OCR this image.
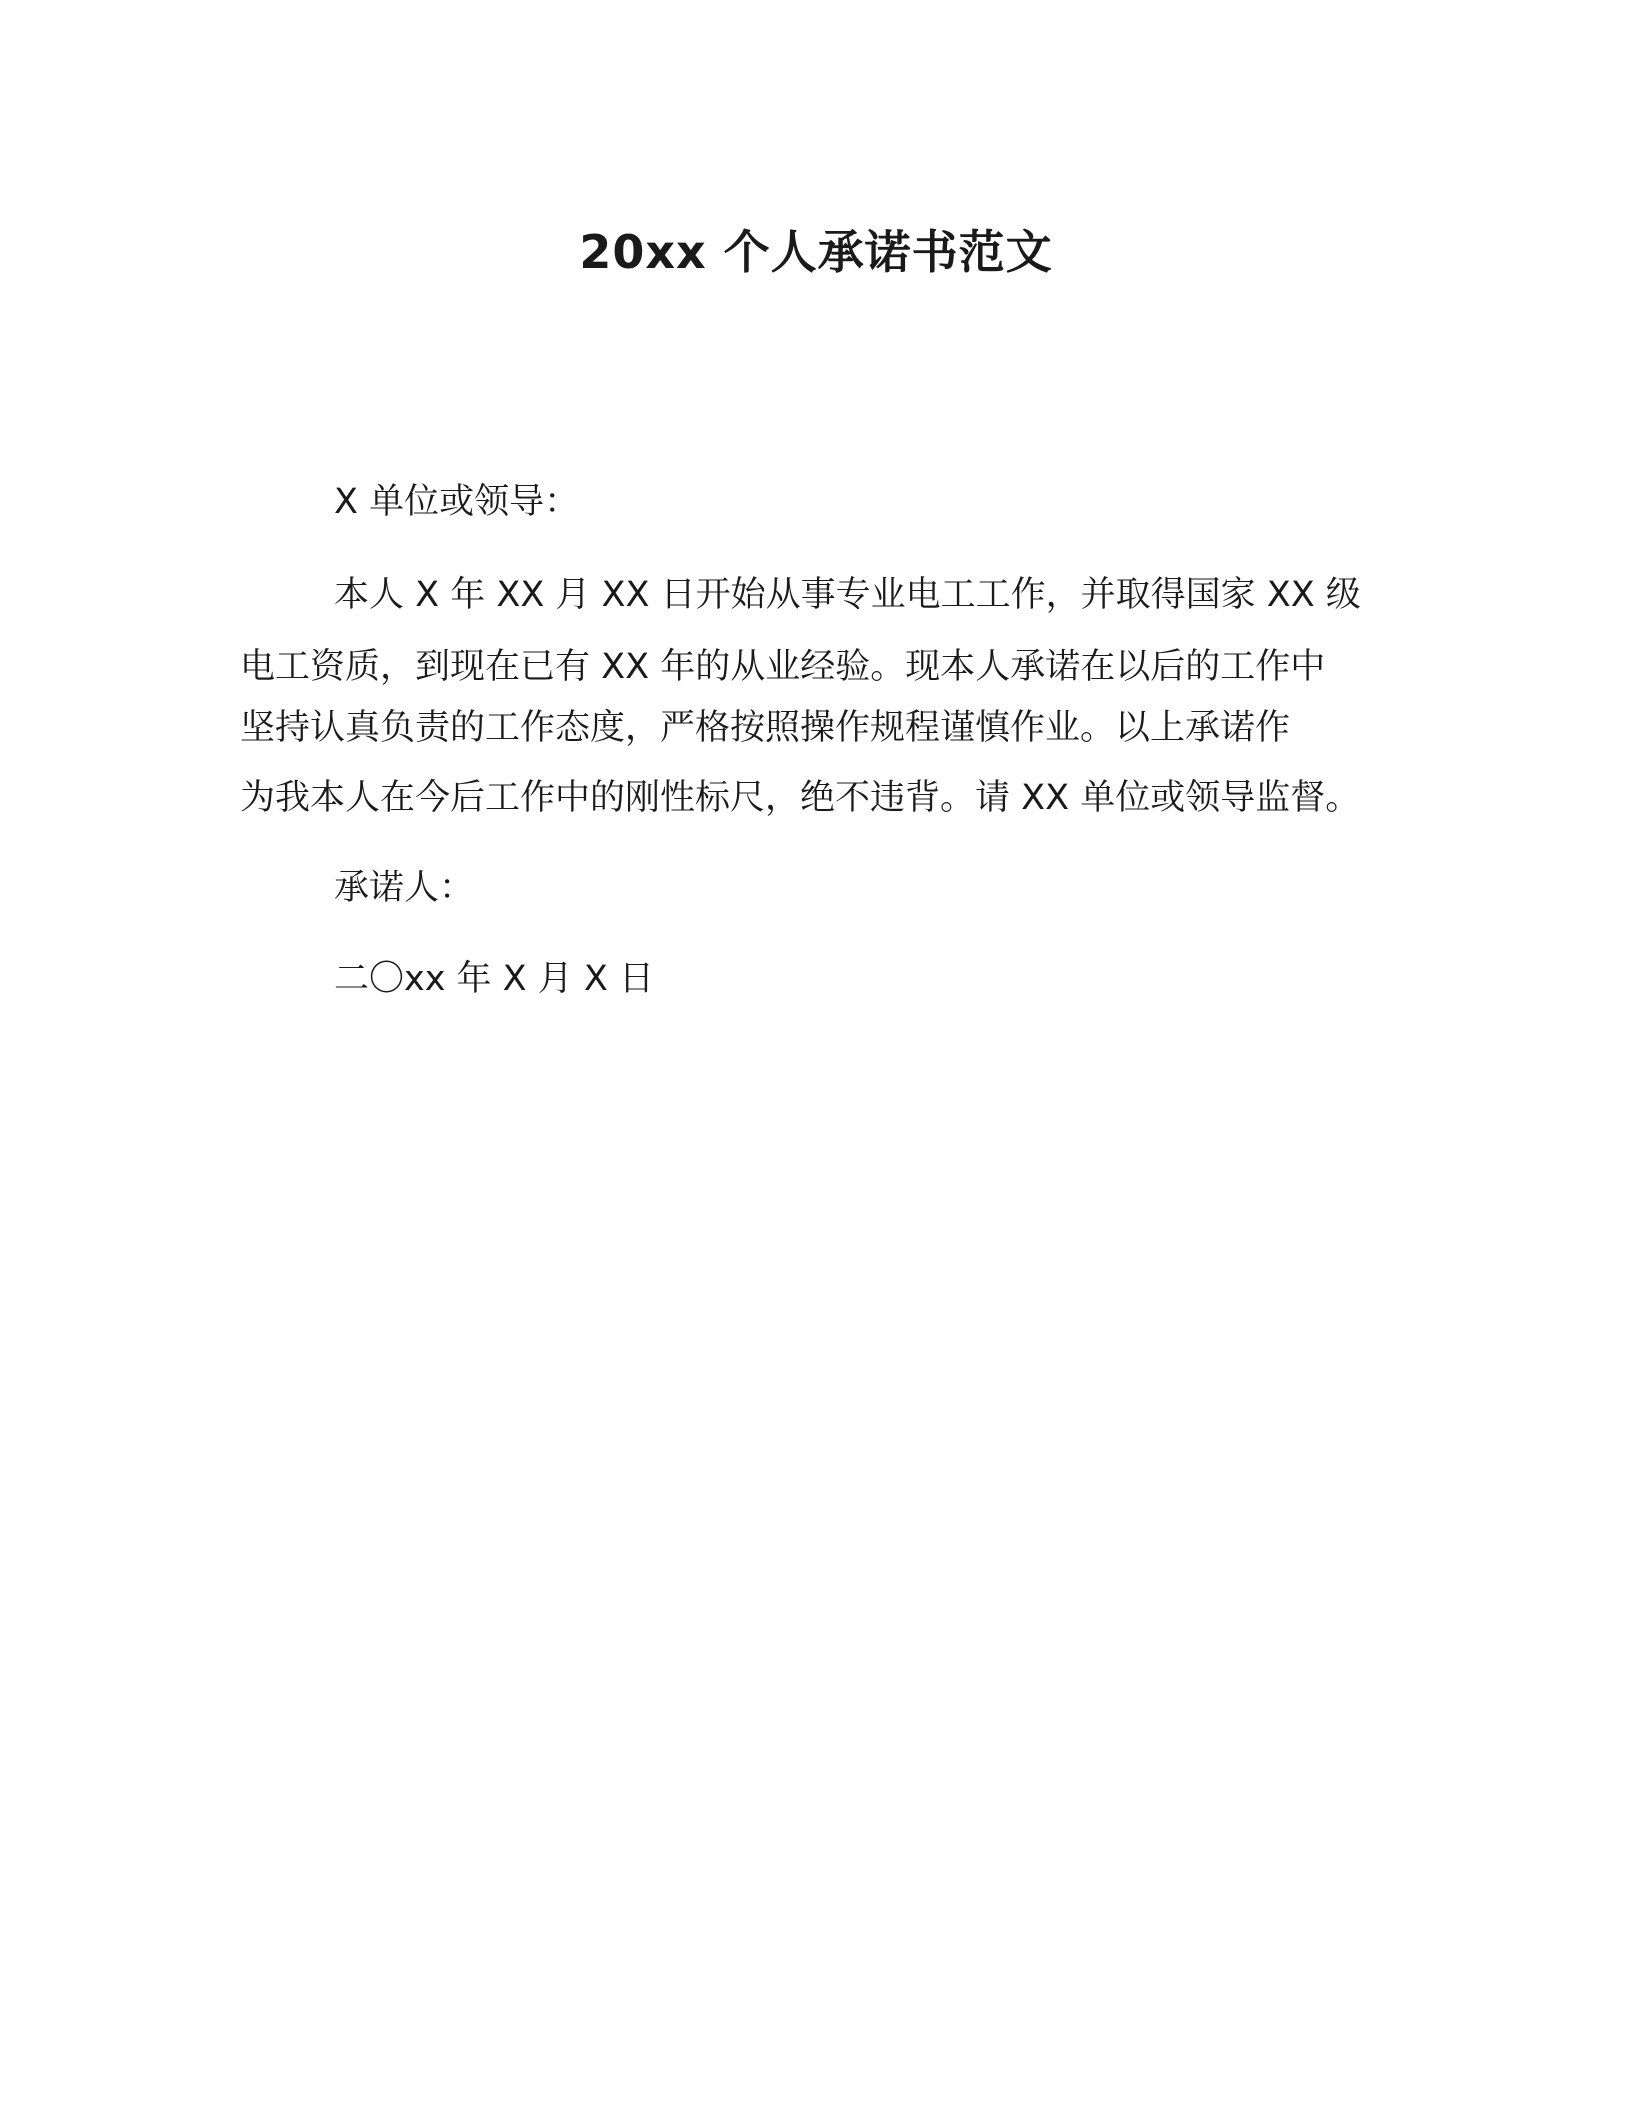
20xx 个人承诺书范文
X 单位或领导：
本人 X 年 XX 月 XX 日开始从事专业电工工作，并取得国家 XX 级
电工资质，到现在已有 XX 年的从业经验。现本人承诺在以后的工作中
坚持认真负责的工作态度，严格按照操作规程谨慎作业。以上承诺作
为我本人在今后工作中的刚性标尺，绝不违背。请 XX 单位或领导监督。
承诺人：
二〇xx 年 X 月 X 日
